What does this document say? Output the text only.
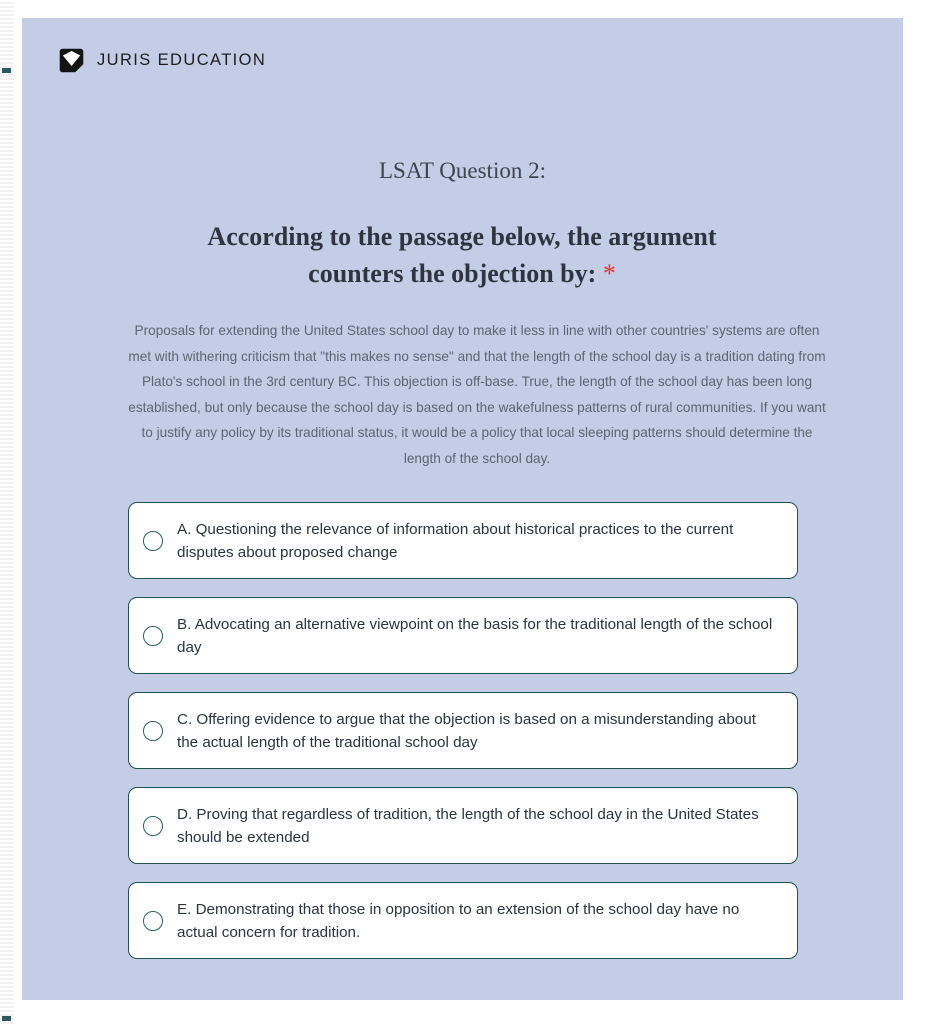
JURIS EDUCATION
LSAT Question 2:
According to the passage below, the argument counters the objection by: *
Proposals for extending the United States school day to make it less in line with other countries' systems are often met with withering criticism that "this makes no sense" and that the length of the school day is a tradition dating from Plato's school in the 3rd century BC. This objection is off-base. True, the length of the school day has been long established, but only because the school day is based on the wakefulness patterns of rural communities. If you want to justify any policy by its traditional status, it would be a policy that local sleeping patterns should determine the length of the school day.
A. Questioning the relevance of information about historical practices to the current disputes about proposed change
B. Advocating an alternative viewpoint on the basis for the traditional length of the school day
C. Offering evidence to argue that the objection is based on a misunderstanding about the actual length of the traditional school day
D. Proving that regardless of tradition, the length of the school day in the United States should be extended
E. Demonstrating that those in opposition to an extension of the school day have no actual concern for tradition.
